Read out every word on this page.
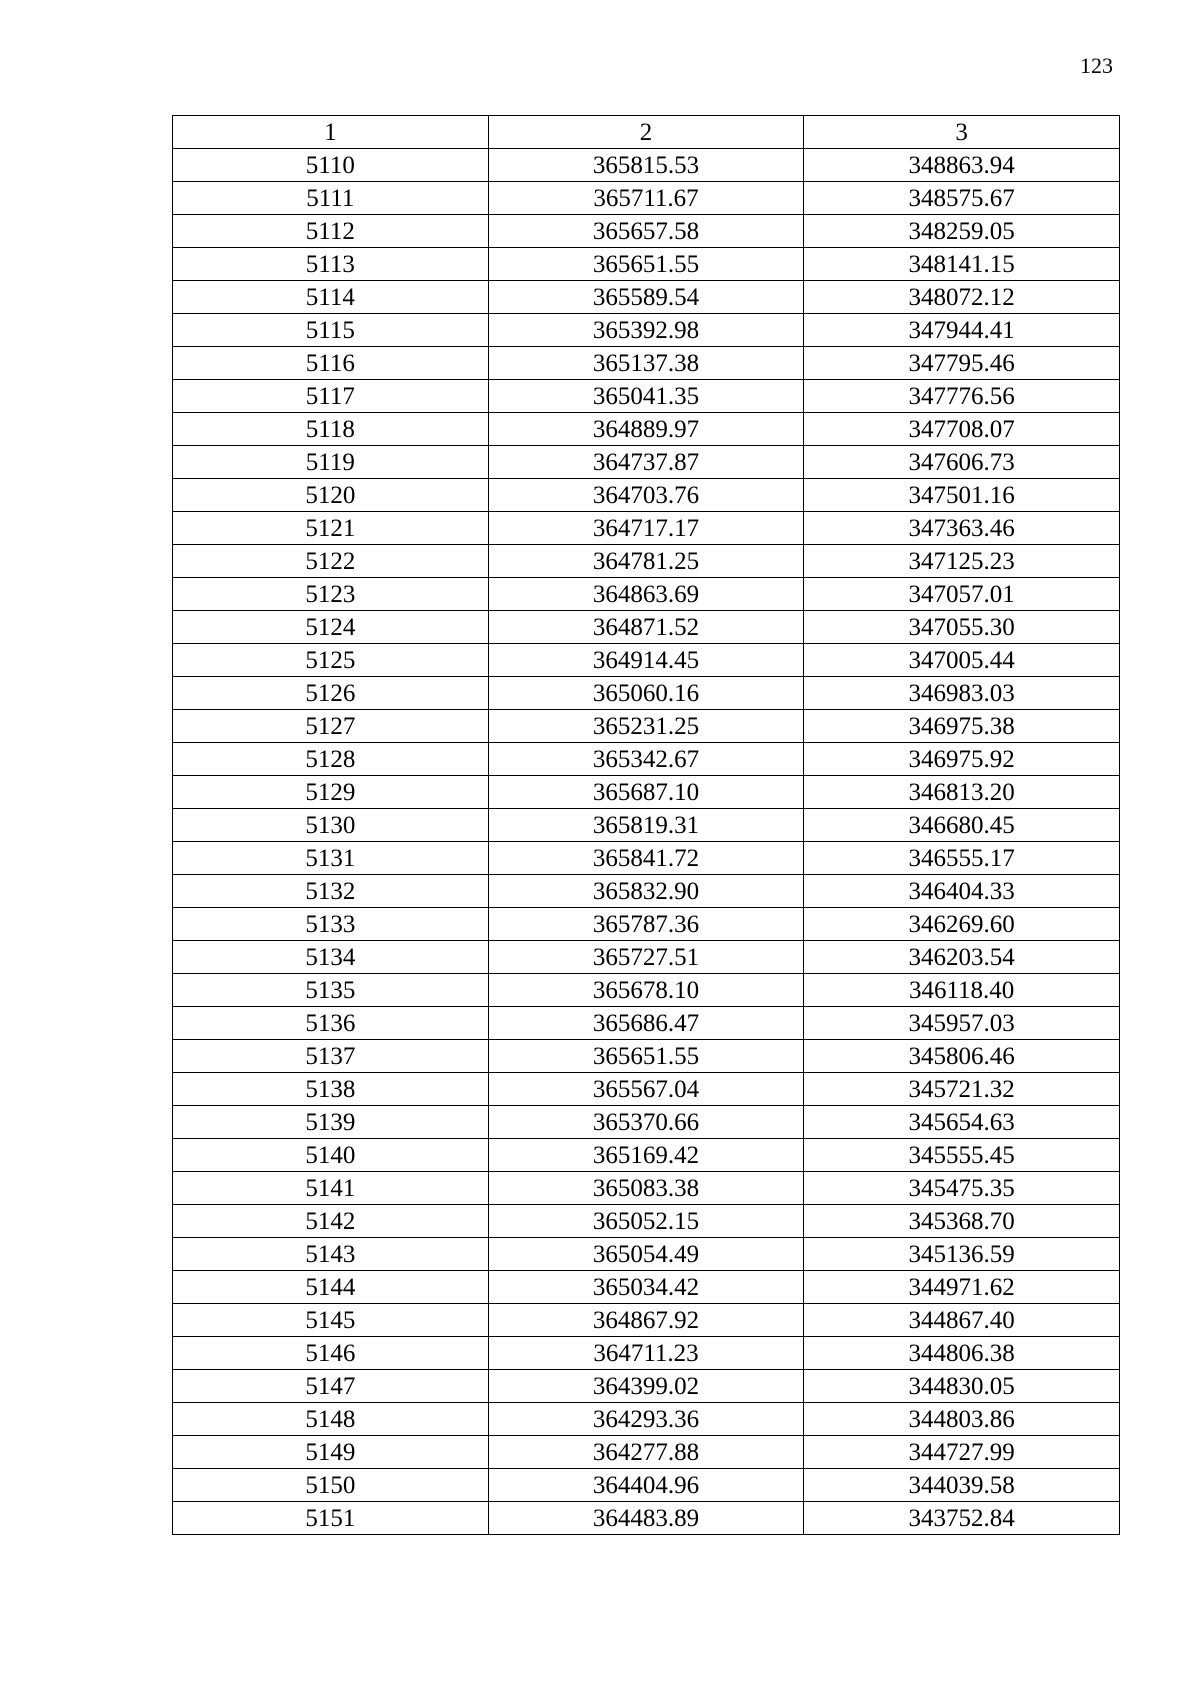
123
1	2	3
5110	365815.53	348863.94
5111	365711.67	348575.67
5112	365657.58	348259.05
5113	365651.55	348141.15
5114	365589.54	348072.12
5115	365392.98	347944.41
5116	365137.38	347795.46
5117	365041.35	347776.56
5118	364889.97	347708.07
5119	364737.87	347606.73
5120	364703.76	347501.16
5121	364717.17	347363.46
5122	364781.25	347125.23
5123	364863.69	347057.01
5124	364871.52	347055.30
5125	364914.45	347005.44
5126	365060.16	346983.03
5127	365231.25	346975.38
5128	365342.67	346975.92
5129	365687.10	346813.20
5130	365819.31	346680.45
5131	365841.72	346555.17
5132	365832.90	346404.33
5133	365787.36	346269.60
5134	365727.51	346203.54
5135	365678.10	346118.40
5136	365686.47	345957.03
5137	365651.55	345806.46
5138	365567.04	345721.32
5139	365370.66	345654.63
5140	365169.42	345555.45
5141	365083.38	345475.35
5142	365052.15	345368.70
5143	365054.49	345136.59
5144	365034.42	344971.62
5145	364867.92	344867.40
5146	364711.23	344806.38
5147	364399.02	344830.05
5148	364293.36	344803.86
5149	364277.88	344727.99
5150	364404.96	344039.58
5151	364483.89	343752.84
